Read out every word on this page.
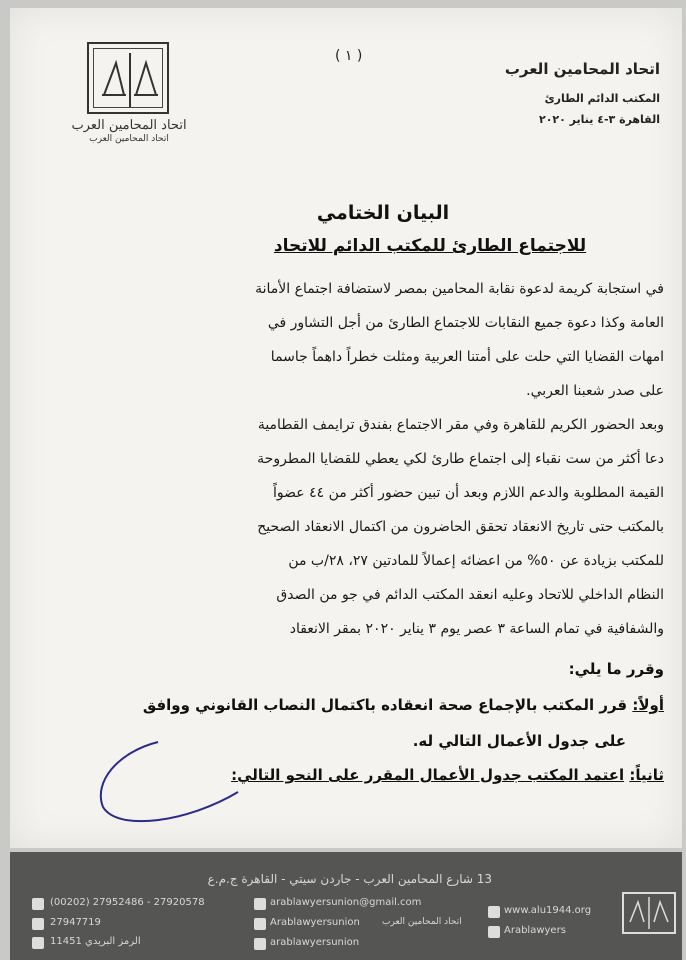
اتحاد المحامين العرب
اتحاد المحامين العرب
( ١ )
اتحاد المحامين العرب
المكتب الدائم الطارئ
القاهرة ٣-٤ يناير ٢٠٢٠
البيان الختامي
للاجتماع الطارئ للمكتب الدائم للاتحاد
في استجابة كريمة لدعوة نقابة المحامين بمصر لاستضافة اجتماع الأمانة
العامة وكذا دعوة جميع النقابات للاجتماع الطارئ من أجل التشاور في
امهات القضايا التي حلت على أمتنا العربية ومثلت خطراً داهماً جاسما
على صدر شعبنا العربي.
وبعد الحضور الكريم للقاهرة وفي مقر الاجتماع بفندق ترايمف القطامية
دعا أكثر من ست نقباء إلى اجتماع طارئ لكي يعطي للقضايا المطروحة
القيمة المطلوبة والدعم اللازم وبعد أن تبين حضور أكثر من ٤٤ عضواً
بالمكتب حتى تاريخ الانعقاد تحقق الحاضرون من اكتمال الانعقاد الصحيح
للمكتب بزيادة عن ٥٠% من اعضائه إعمالاً للمادتين ٢٧، ٢٨/ب من
النظام الداخلي للاتحاد وعليه انعقد المكتب الدائم في جو من الصدق
والشفافية في تمام الساعة ٣ عصر يوم ٣ يناير ٢٠٢٠ بمقر الانعقاد
وقرر ما يلي:
أولاً: قرر المكتب بالإجماع صحة انعقاده باكتمال النصاب القانوني ووافق
على جدول الأعمال التالي له.
ثانياً: اعتمد المكتب جدول الأعمال المقرر على النحو التالي:
13 شارع المحامين العرب - جاردن سيتي - القاهرة ج.م.ع
(00202) 27952486 - 27920578
27947719
الرمز البريدي 11451
arablawyersunion@gmail.com
Arablawyersunion اتحاد المحامين العرب
arablawyersunion
www.alu1944.org
Arablawyers
